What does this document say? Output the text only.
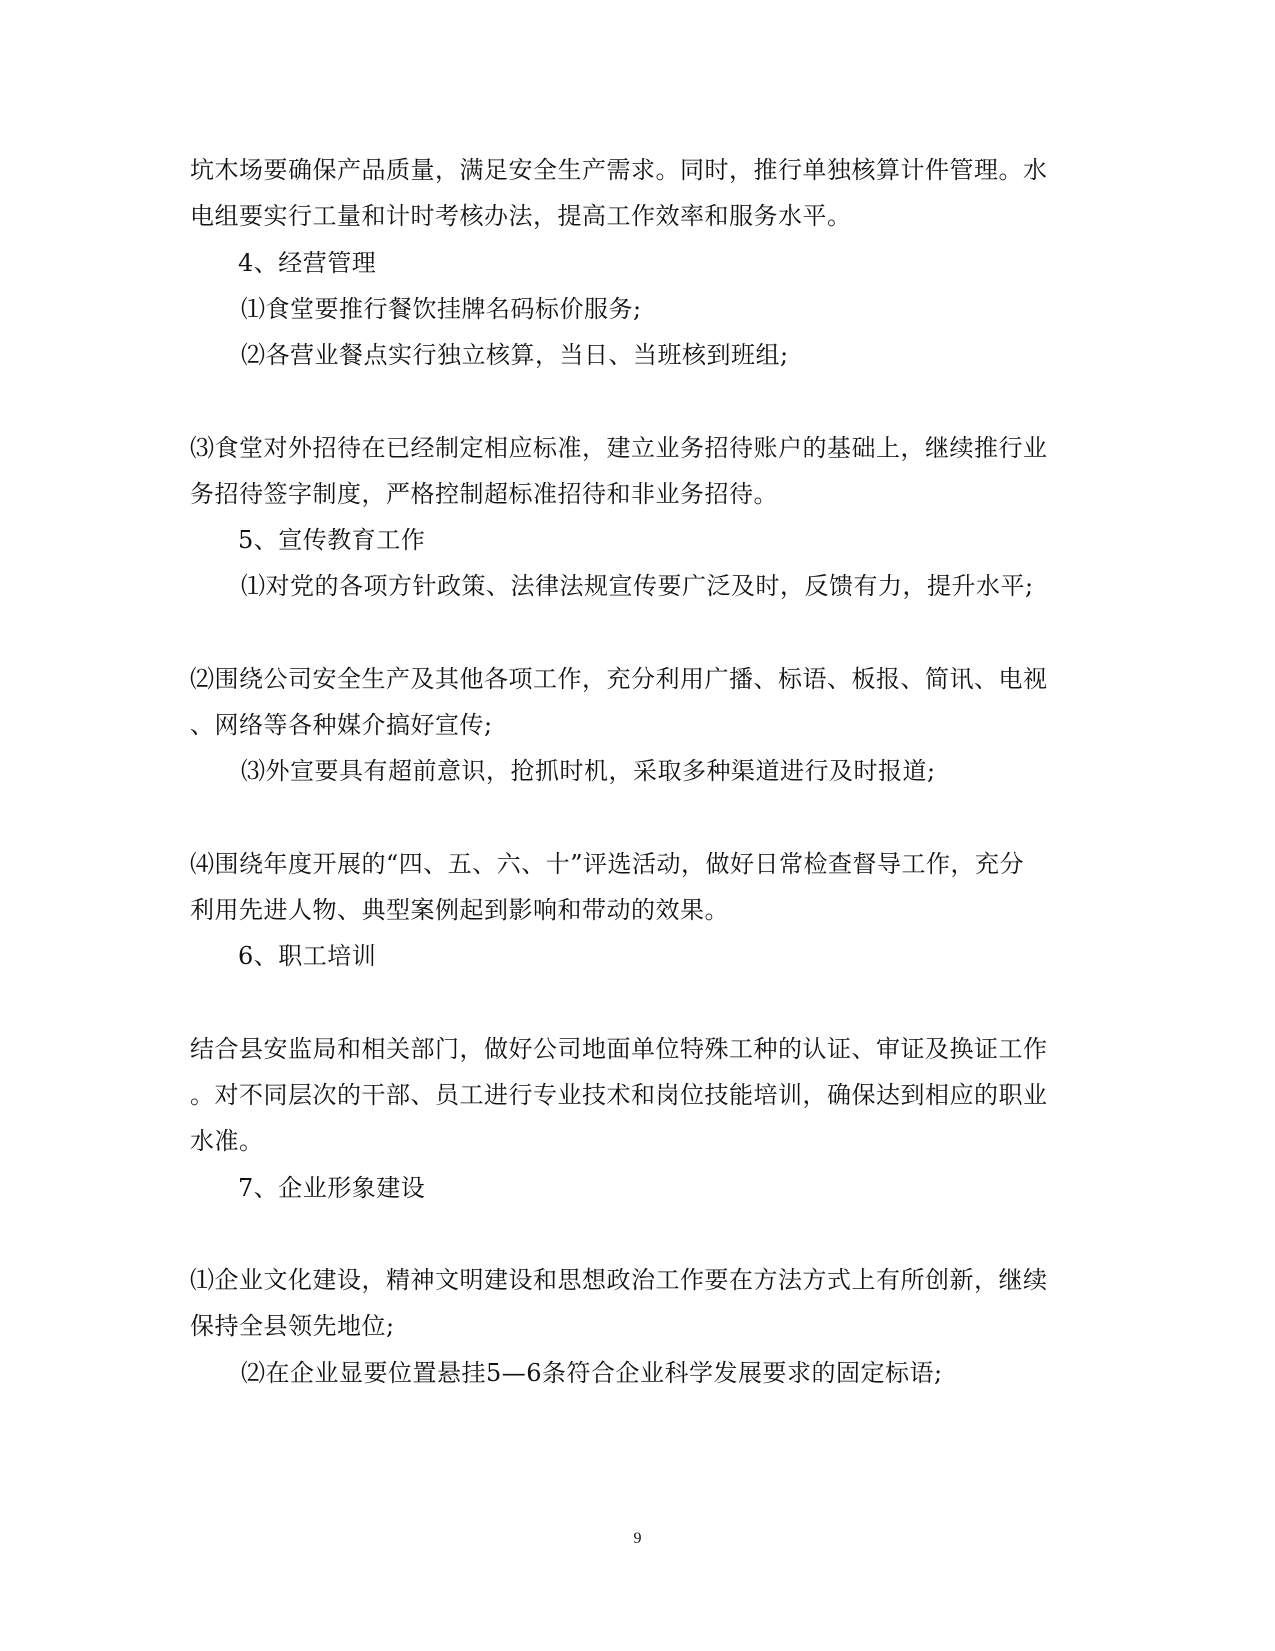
坑木场要确保产品质量，满足安全生产需求。同时，推行单独核算计件管理。水
电组要实行工量和计时考核办法，提高工作效率和服务水平。
4、经营管理
⑴食堂要推行餐饮挂牌名码标价服务;
⑵各营业餐点实行独立核算，当日、当班核到班组;
⑶食堂对外招待在已经制定相应标准，建立业务招待账户的基础上，继续推行业
务招待签字制度，严格控制超标准招待和非业务招待。
5、宣传教育工作
⑴对党的各项方针政策、法律法规宣传要广泛及时，反馈有力，提升水平;
⑵围绕公司安全生产及其他各项工作，充分利用广播、标语、板报、简讯、电视
、网络等各种媒介搞好宣传;
⑶外宣要具有超前意识，抢抓时机，采取多种渠道进行及时报道;
⑷围绕年度开展的“四、五、六、十”评选活动，做好日常检查督导工作，充分
利用先进人物、典型案例起到影响和带动的效果。
6、职工培训
结合县安监局和相关部门，做好公司地面单位特殊工种的认证、审证及换证工作
。对不同层次的干部、员工进行专业技术和岗位技能培训，确保达到相应的职业
水准。
7、企业形象建设
⑴企业文化建设，精神文明建设和思想政治工作要在方法方式上有所创新，继续
保持全县领先地位;
⑵在企业显要位置悬挂5—6条符合企业科学发展要求的固定标语;
9
